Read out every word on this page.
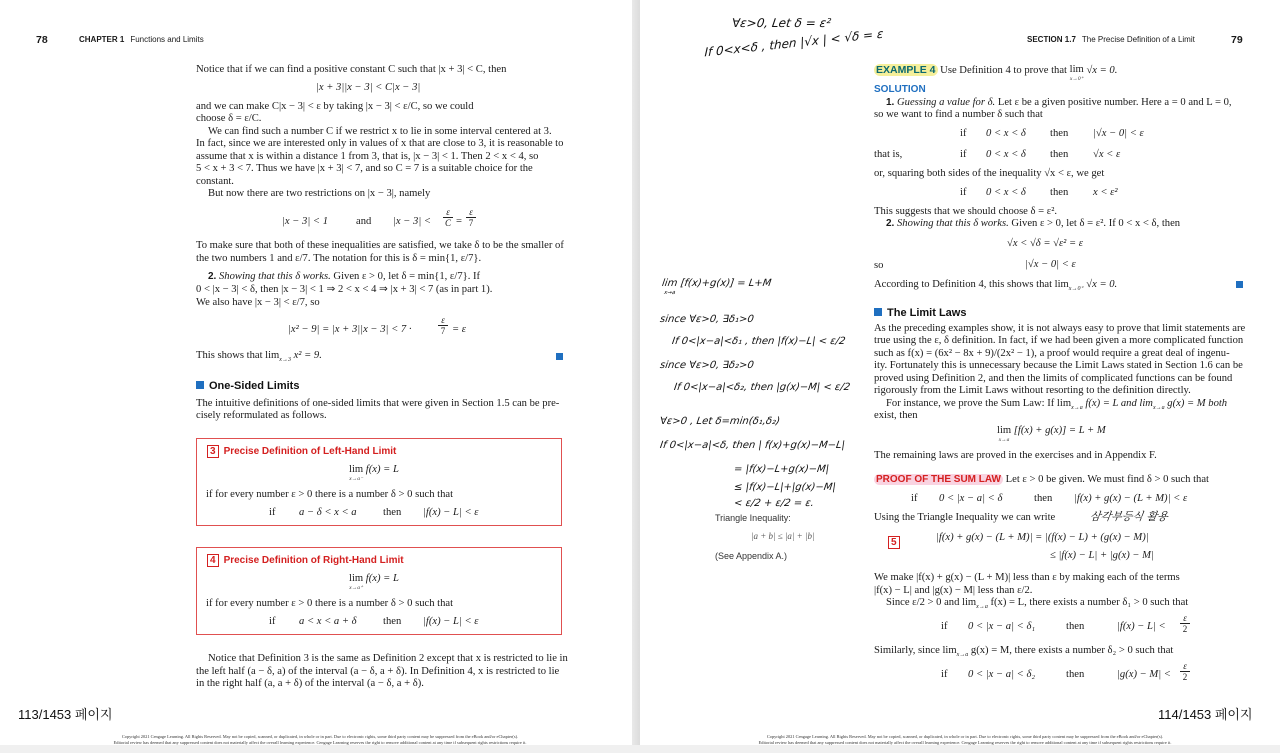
78	CHAPTER 1 Functions and Limits
Notice that if we can find a positive constant C such that |x + 3| < C, then
|x + 3||x − 3| < C|x − 3|
and we can make C|x − 3| < ε by taking |x − 3| < ε/C, so we could
choose δ = ε/C.
We can find such a number C if we restrict x to lie in some interval centered at 3.
In fact, since we are interested only in values of x that are close to 3, it is reasonable to
assume that x is within a distance 1 from 3, that is, |x − 3| < 1. Then 2 < x < 4, so
5 < x + 3 < 7. Thus we have |x + 3| < 7, and so C = 7 is a suitable choice for the
constant.
But now there are two restrictions on |x − 3|, namely
|x − 3| < 1	and |x − 3| <
ε
C =
ε
7
To make sure that both of these inequalities are satisfied, we take δ to be the smaller of
the two numbers 1 and ε/7. The notation for this is δ = min{1, ε/7}.
2. Showing that this δ works. Given ε > 0, let δ = min{1, ε/7}. If
0 < |x − 3| < δ, then |x − 3| < 1 ⇒ 2 < x < 4 ⇒ |x + 3| < 7 (as in part 1).
We also have |x − 3| < ε/7, so
|x² − 9| = |x + 3||x − 3| < 7 ·
ε
7 = ε
This shows that $\lim_{x\to 3} x^2 = 9$.
One-Sided Limits
The intuitive definitions of one-sided limits that were given in Section 1.5 can be pre-
cisely reformulated as follows.
3 Precise Definition of Left-Hand Limit
lim
x→a⁻
f(x) = L
if for every number ε > 0 there is a number δ > 0 such that
if a − δ < x < a then |f(x) − L| < ε
4 Precise Definition of Right-Hand Limit
lim
x→a⁺
f(x) = L
if for every number ε > 0 there is a number δ > 0 such that
if a < x < a + δ then |f(x) − L| < ε
Notice that Definition 3 is the same as Definition 2 except that x is restricted to lie in
the left half (a − δ, a) of the interval (a − δ, a + δ). In Definition 4, x is restricted to lie
in the right half (a, a + δ) of the interval (a − δ, a + δ).
113/1453 페이지
Copyright 2021 Cengage Learning. All Rights Reserved. May not be copied, scanned, or duplicated, in whole or in part. Due to electronic rights, some third party content may be suppressed from the eBook and/or eChapter(s).
Editorial review has deemed that any suppressed content does not materially affect the overall learning experience. Cengage Learning reserves the right to remove additional content at any time if subsequent rights restrictions require it.
SECTION 1.7 The Precise Definition of a Limit	79
∀ε>0, Let δ = ε²
If 0<x<δ , then |√x | < √δ = ε
EXAMPLE 4 Use Definition 4 to prove that lim
x→0⁺
√x = 0.
SOLUTION
1. Guessing a value for δ. Let ε be a given positive number. Here a = 0 and L = 0,
so we want to find a number δ such that
if 0 < x < δ then |√x − 0| < ε
that is,	if 0 < x < δ then √x < ε
or, squaring both sides of the inequality √x < ε, we get
if 0 < x < δ then x < ε²
This suggests that we should choose δ = ε².
2. Showing that this δ works. Given ε > 0, let δ = ε². If 0 < x < δ, then
√x < √δ = √ε² = ε
so	|√x − 0| < ε
According to Definition 4, this shows that $\lim_{x\to 0^+} √x = 0$.
The Limit Laws
As the preceding examples show, it is not always easy to prove that limit statements are
true using the ε, δ definition. In fact, if we had been given a more complicated function
such as f(x) = (6x² − 8x + 9)/(2x² − 1), a proof would require a great deal of ingenu-
ity. Fortunately this is unnecessary because the Limit Laws stated in Section 1.6 can be
proved using Definition 2, and then the limits of complicated functions can be found
rigorously from the Limit Laws without resorting to the definition directly.
For instance, we prove the Sum Law: If $\lim_{x\to a} f(x) = L$ and $\lim_{x\to a} g(x) = M$ both
exist, then
lim
x→a
[f(x) + g(x)] = L + M
The remaining laws are proved in the exercises and in Appendix F.
PROOF OF THE SUM LAW Let ε > 0 be given. We must find δ > 0 such that
if 0 < |x − a| < δ	then |f(x) + g(x) − (L + M)| < ε
Using the Triangle Inequality we can write	삼각부등식 활용
5	|f(x) + g(x) − (L + M)| = |(f(x) − L) + (g(x) − M)|
≤ |f(x) − L| + |g(x) − M|
We make |f(x) + g(x) − (L + M)| less than ε by making each of the terms
|f(x) − L| and |g(x) − M| less than ε/2.
Since ε/2 > 0 and $\lim_{x\to a} f(x) = L$, there exists a number δ₁ > 0 such that
if 0 < |x − a| < δ₁	then	|f(x) − L| <
ε
2
Similarly, since $\lim_{x\to a} g(x) = M$, there exists a number δ₂ > 0 such that
if 0 < |x − a| < δ₂	then	|g(x) − M| <
ε
2
lim [f(x)+g(x)] = L+M
x→a
since ∀ε>0, ∃δ₁>0
If 0<|x−a|<δ₁ , then |f(x)−L| < ε/2
since ∀ε>0, ∃δ₂>0
If 0<|x−a|<δ₂, then |g(x)−M| < ε/2
∀ε>0 , Let δ=min(δ₁,δ₂)
If 0<|x−a|<δ, then | f(x)+g(x)−M−L|
= |f(x)−L+g(x)−M|
≤ |f(x)−L|+|g(x)−M|
< ε/2 + ε/2 = ε.
Triangle Inequality:
|a + b| ≤ |a| + |b|
(See Appendix A.)
114/1453 페이지
Copyright 2021 Cengage Learning. All Rights Reserved. May not be copied, scanned, or duplicated, in whole or in part. Due to electronic rights, some third party content may be suppressed from the eBook and/or eChapter(s).
Editorial review has deemed that any suppressed content does not materially affect the overall learning experience. Cengage Learning reserves the right to remove additional content at any time if subsequent rights restrictions require it.
